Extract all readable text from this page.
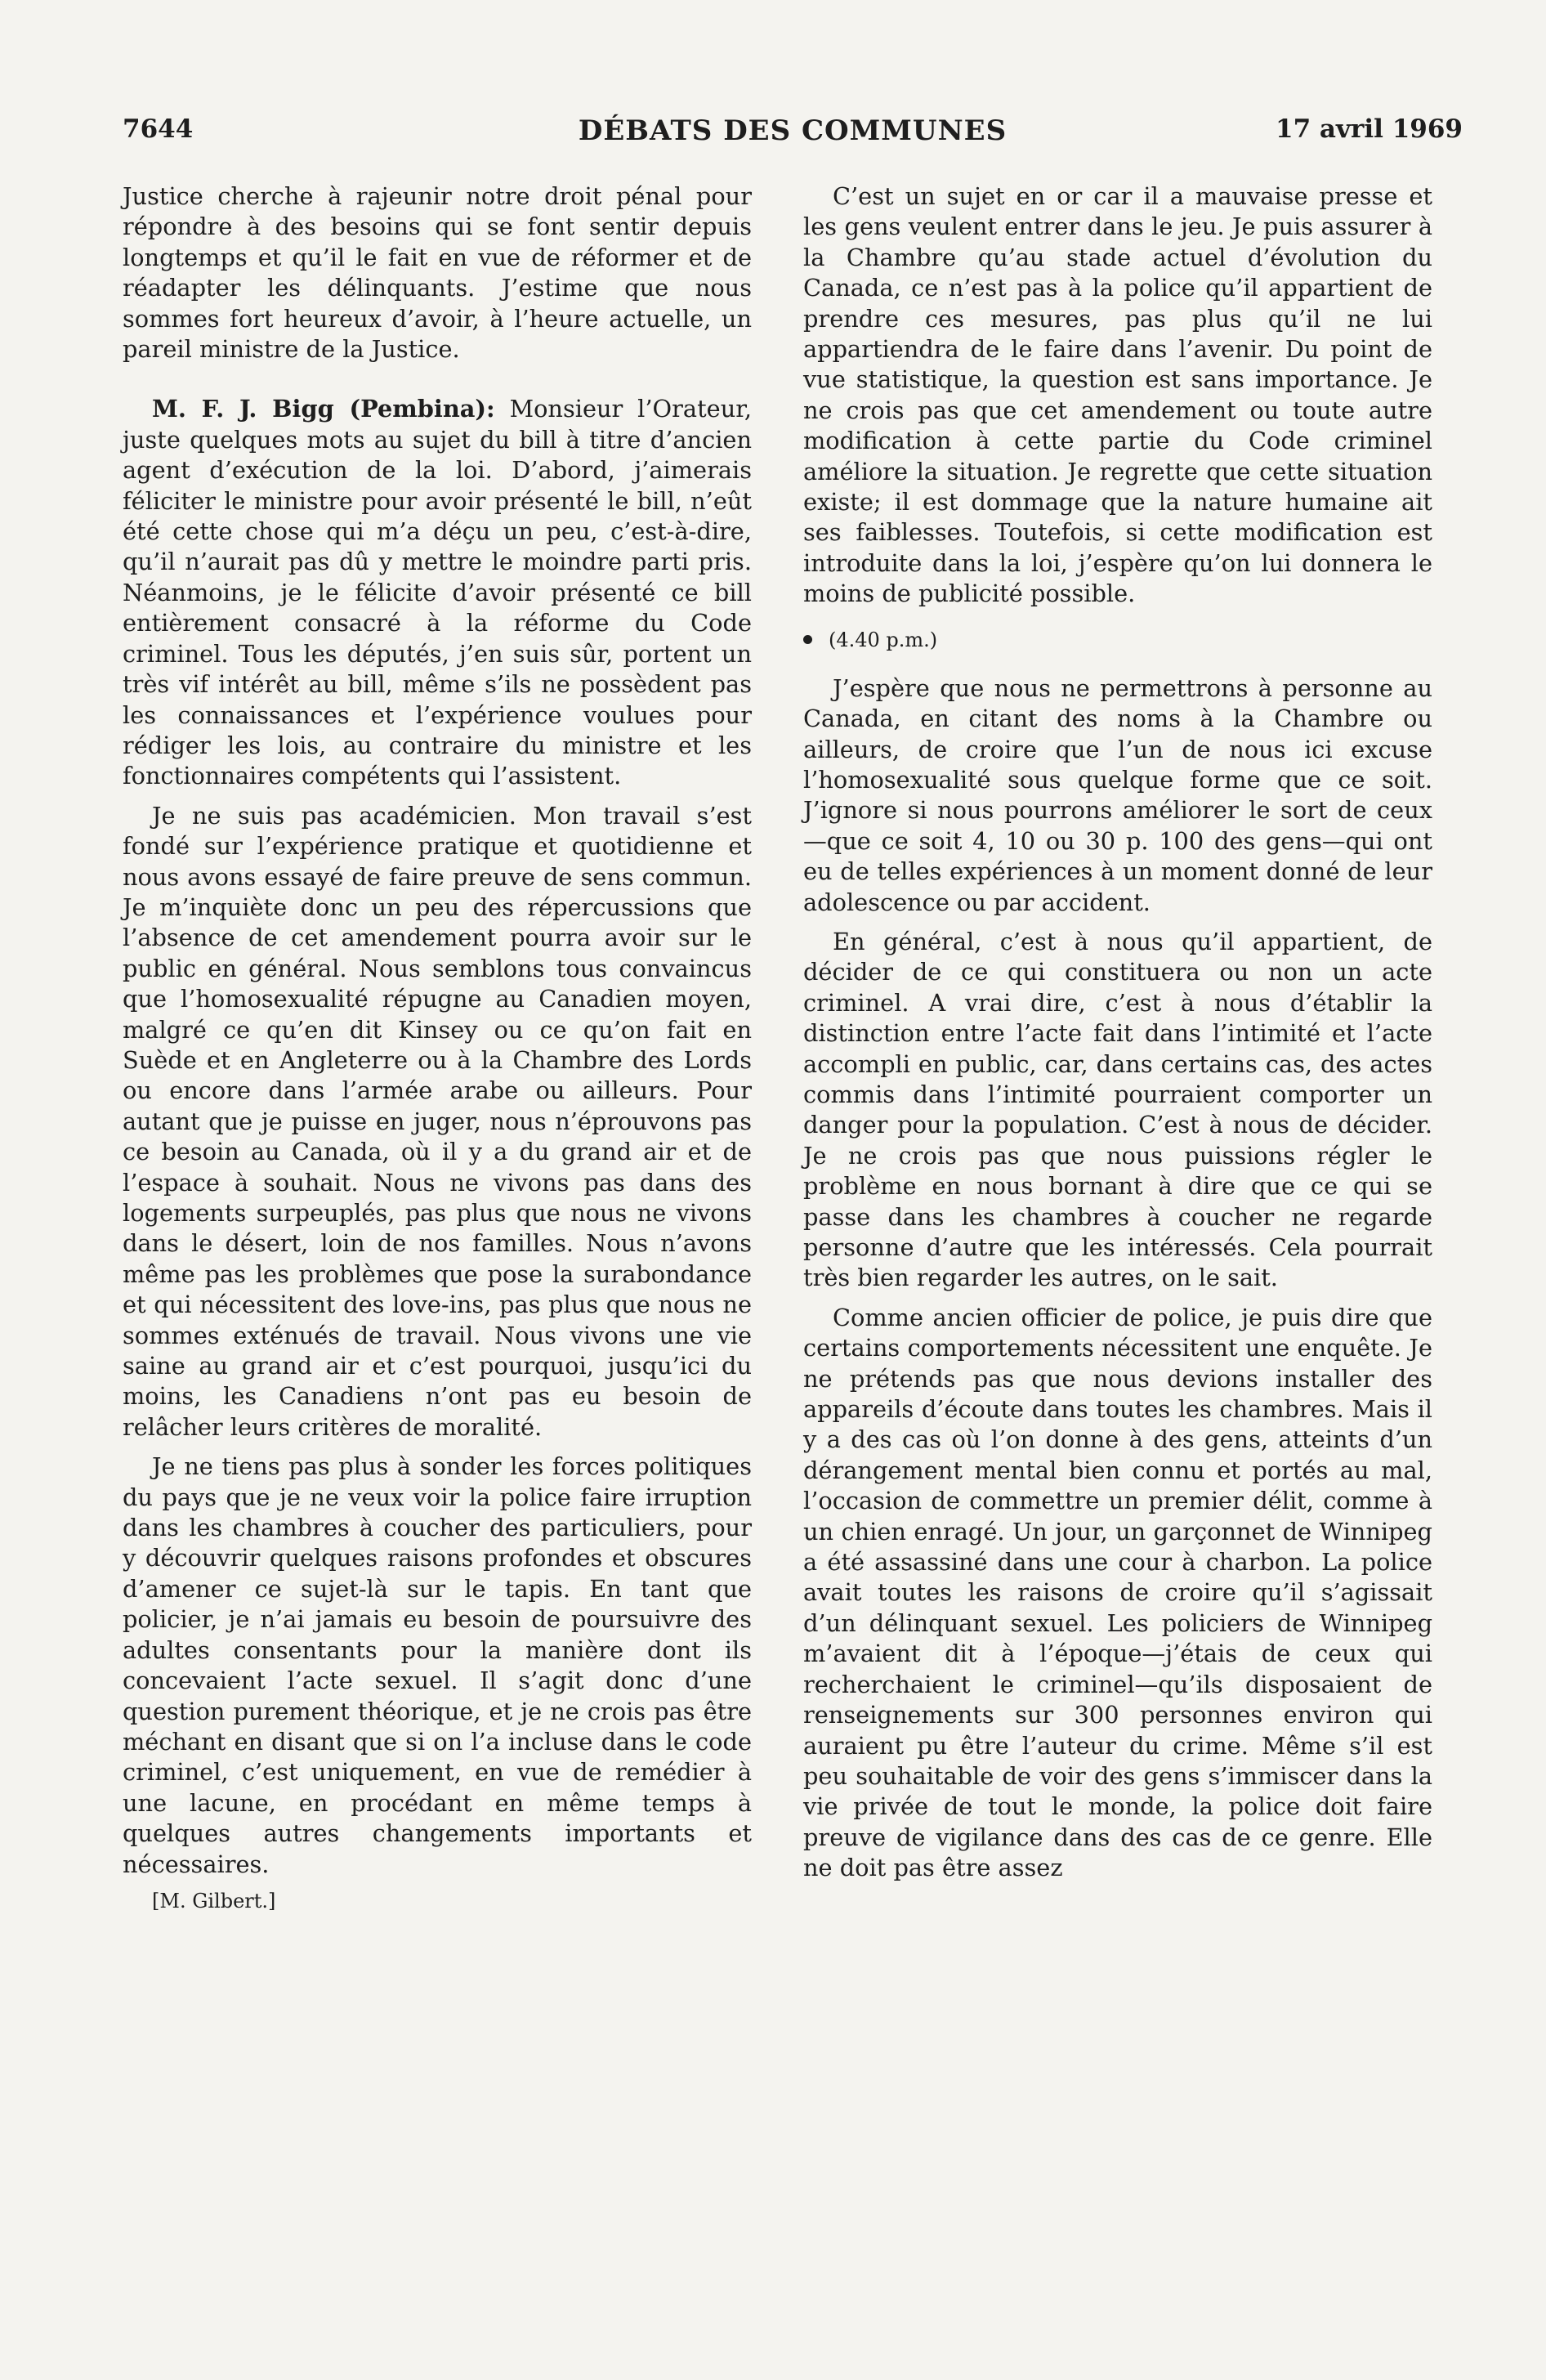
7644	DÉBATS DES COMMUNES	17 avril 1969

Justice cherche à rajeunir notre droit pénal pour répondre à des besoins qui se font sentir depuis longtemps et qu’il le fait en vue de réformer et de réadapter les délinquants. J’estime que nous sommes fort heureux d’avoir, à l’heure actuelle, un pareil ministre de la Justice.

M. F. J. Bigg (Pembina): Monsieur l’Orateur, juste quelques mots au sujet du bill à titre d’ancien agent d’exécution de la loi. D’abord, j’aimerais féliciter le ministre pour avoir présenté le bill, n’eût été cette chose qui m’a déçu un peu, c’est-à-dire, qu’il n’aurait pas dû y mettre le moindre parti pris. Néanmoins, je le félicite d’avoir présenté ce bill entièrement consacré à la réforme du Code criminel. Tous les députés, j’en suis sûr, portent un très vif intérêt au bill, même s’ils ne possèdent pas les connaissances et l’expérience voulues pour rédiger les lois, au contraire du ministre et les fonctionnaires compétents qui l’assistent.

Je ne suis pas académicien. Mon travail s’est fondé sur l’expérience pratique et quotidienne et nous avons essayé de faire preuve de sens commun. Je m’inquiète donc un peu des répercussions que l’absence de cet amendement pourra avoir sur le public en général. Nous semblons tous convaincus que l’homosexualité répugne au Canadien moyen, malgré ce qu’en dit Kinsey ou ce qu’on fait en Suède et en Angleterre ou à la Chambre des Lords ou encore dans l’armée arabe ou ailleurs. Pour autant que je puisse en juger, nous n’éprouvons pas ce besoin au Canada, où il y a du grand air et de l’espace à souhait. Nous ne vivons pas dans des logements surpeuplés, pas plus que nous ne vivons dans le désert, loin de nos familles. Nous n’avons même pas les problèmes que pose la surabondance et qui nécessitent des love-ins, pas plus que nous ne sommes exténués de travail. Nous vivons une vie saine au grand air et c’est pourquoi, jusqu’ici du moins, les Canadiens n’ont pas eu besoin de relâcher leurs critères de moralité.

Je ne tiens pas plus à sonder les forces politiques du pays que je ne veux voir la police faire irruption dans les chambres à coucher des particuliers, pour y découvrir quelques raisons profondes et obscures d’amener ce sujet-là sur le tapis. En tant que policier, je n’ai jamais eu besoin de poursuivre des adultes consentants pour la manière dont ils concevaient l’acte sexuel. Il s’agit donc d’une question purement théorique, et je ne crois pas être méchant en disant que si on l’a incluse dans le code criminel, c’est uniquement, en vue de remédier à une lacune, en procédant en même temps à quelques autres changements importants et nécessaires.

[M. Gilbert.]

C’est un sujet en or car il a mauvaise presse et les gens veulent entrer dans le jeu. Je puis assurer à la Chambre qu’au stade actuel d’évolution du Canada, ce n’est pas à la police qu’il appartient de prendre ces mesures, pas plus qu’il ne lui appartiendra de le faire dans l’avenir. Du point de vue statistique, la question est sans importance. Je ne crois pas que cet amendement ou toute autre modification à cette partie du Code criminel améliore la situation. Je regrette que cette situation existe; il est dommage que la nature humaine ait ses faiblesses. Toutefois, si cette modification est introduite dans la loi, j’espère qu’on lui donnera le moins de publicité possible.

(4.40 p.m.)

J’espère que nous ne permettrons à personne au Canada, en citant des noms à la Chambre ou ailleurs, de croire que l’un de nous ici excuse l’homosexualité sous quelque forme que ce soit. J’ignore si nous pourrons améliorer le sort de ceux—que ce soit 4, 10 ou 30 p. 100 des gens—qui ont eu de telles expériences à un moment donné de leur adolescence ou par accident.

En général, c’est à nous qu’il appartient, de décider de ce qui constituera ou non un acte criminel. A vrai dire, c’est à nous d’établir la distinction entre l’acte fait dans l’intimité et l’acte accompli en public, car, dans certains cas, des actes commis dans l’intimité pourraient comporter un danger pour la population. C’est à nous de décider. Je ne crois pas que nous puissions régler le problème en nous bornant à dire que ce qui se passe dans les chambres à coucher ne regarde personne d’autre que les intéressés. Cela pourrait très bien regarder les autres, on le sait.

Comme ancien officier de police, je puis dire que certains comportements nécessitent une enquête. Je ne prétends pas que nous devions installer des appareils d’écoute dans toutes les chambres. Mais il y a des cas où l’on donne à des gens, atteints d’un dérangement mental bien connu et portés au mal, l’occasion de commettre un premier délit, comme à un chien enragé. Un jour, un garçonnet de Winnipeg a été assassiné dans une cour à charbon. La police avait toutes les raisons de croire qu’il s’agissait d’un délinquant sexuel. Les policiers de Winnipeg m’avaient dit à l’époque—j’étais de ceux qui recherchaient le criminel—qu’ils disposaient de renseignements sur 300 personnes environ qui auraient pu être l’auteur du crime. Même s’il est peu souhaitable de voir des gens s’immiscer dans la vie privée de tout le monde, la police doit faire preuve de vigilance dans des cas de ce genre. Elle ne doit pas être assez
